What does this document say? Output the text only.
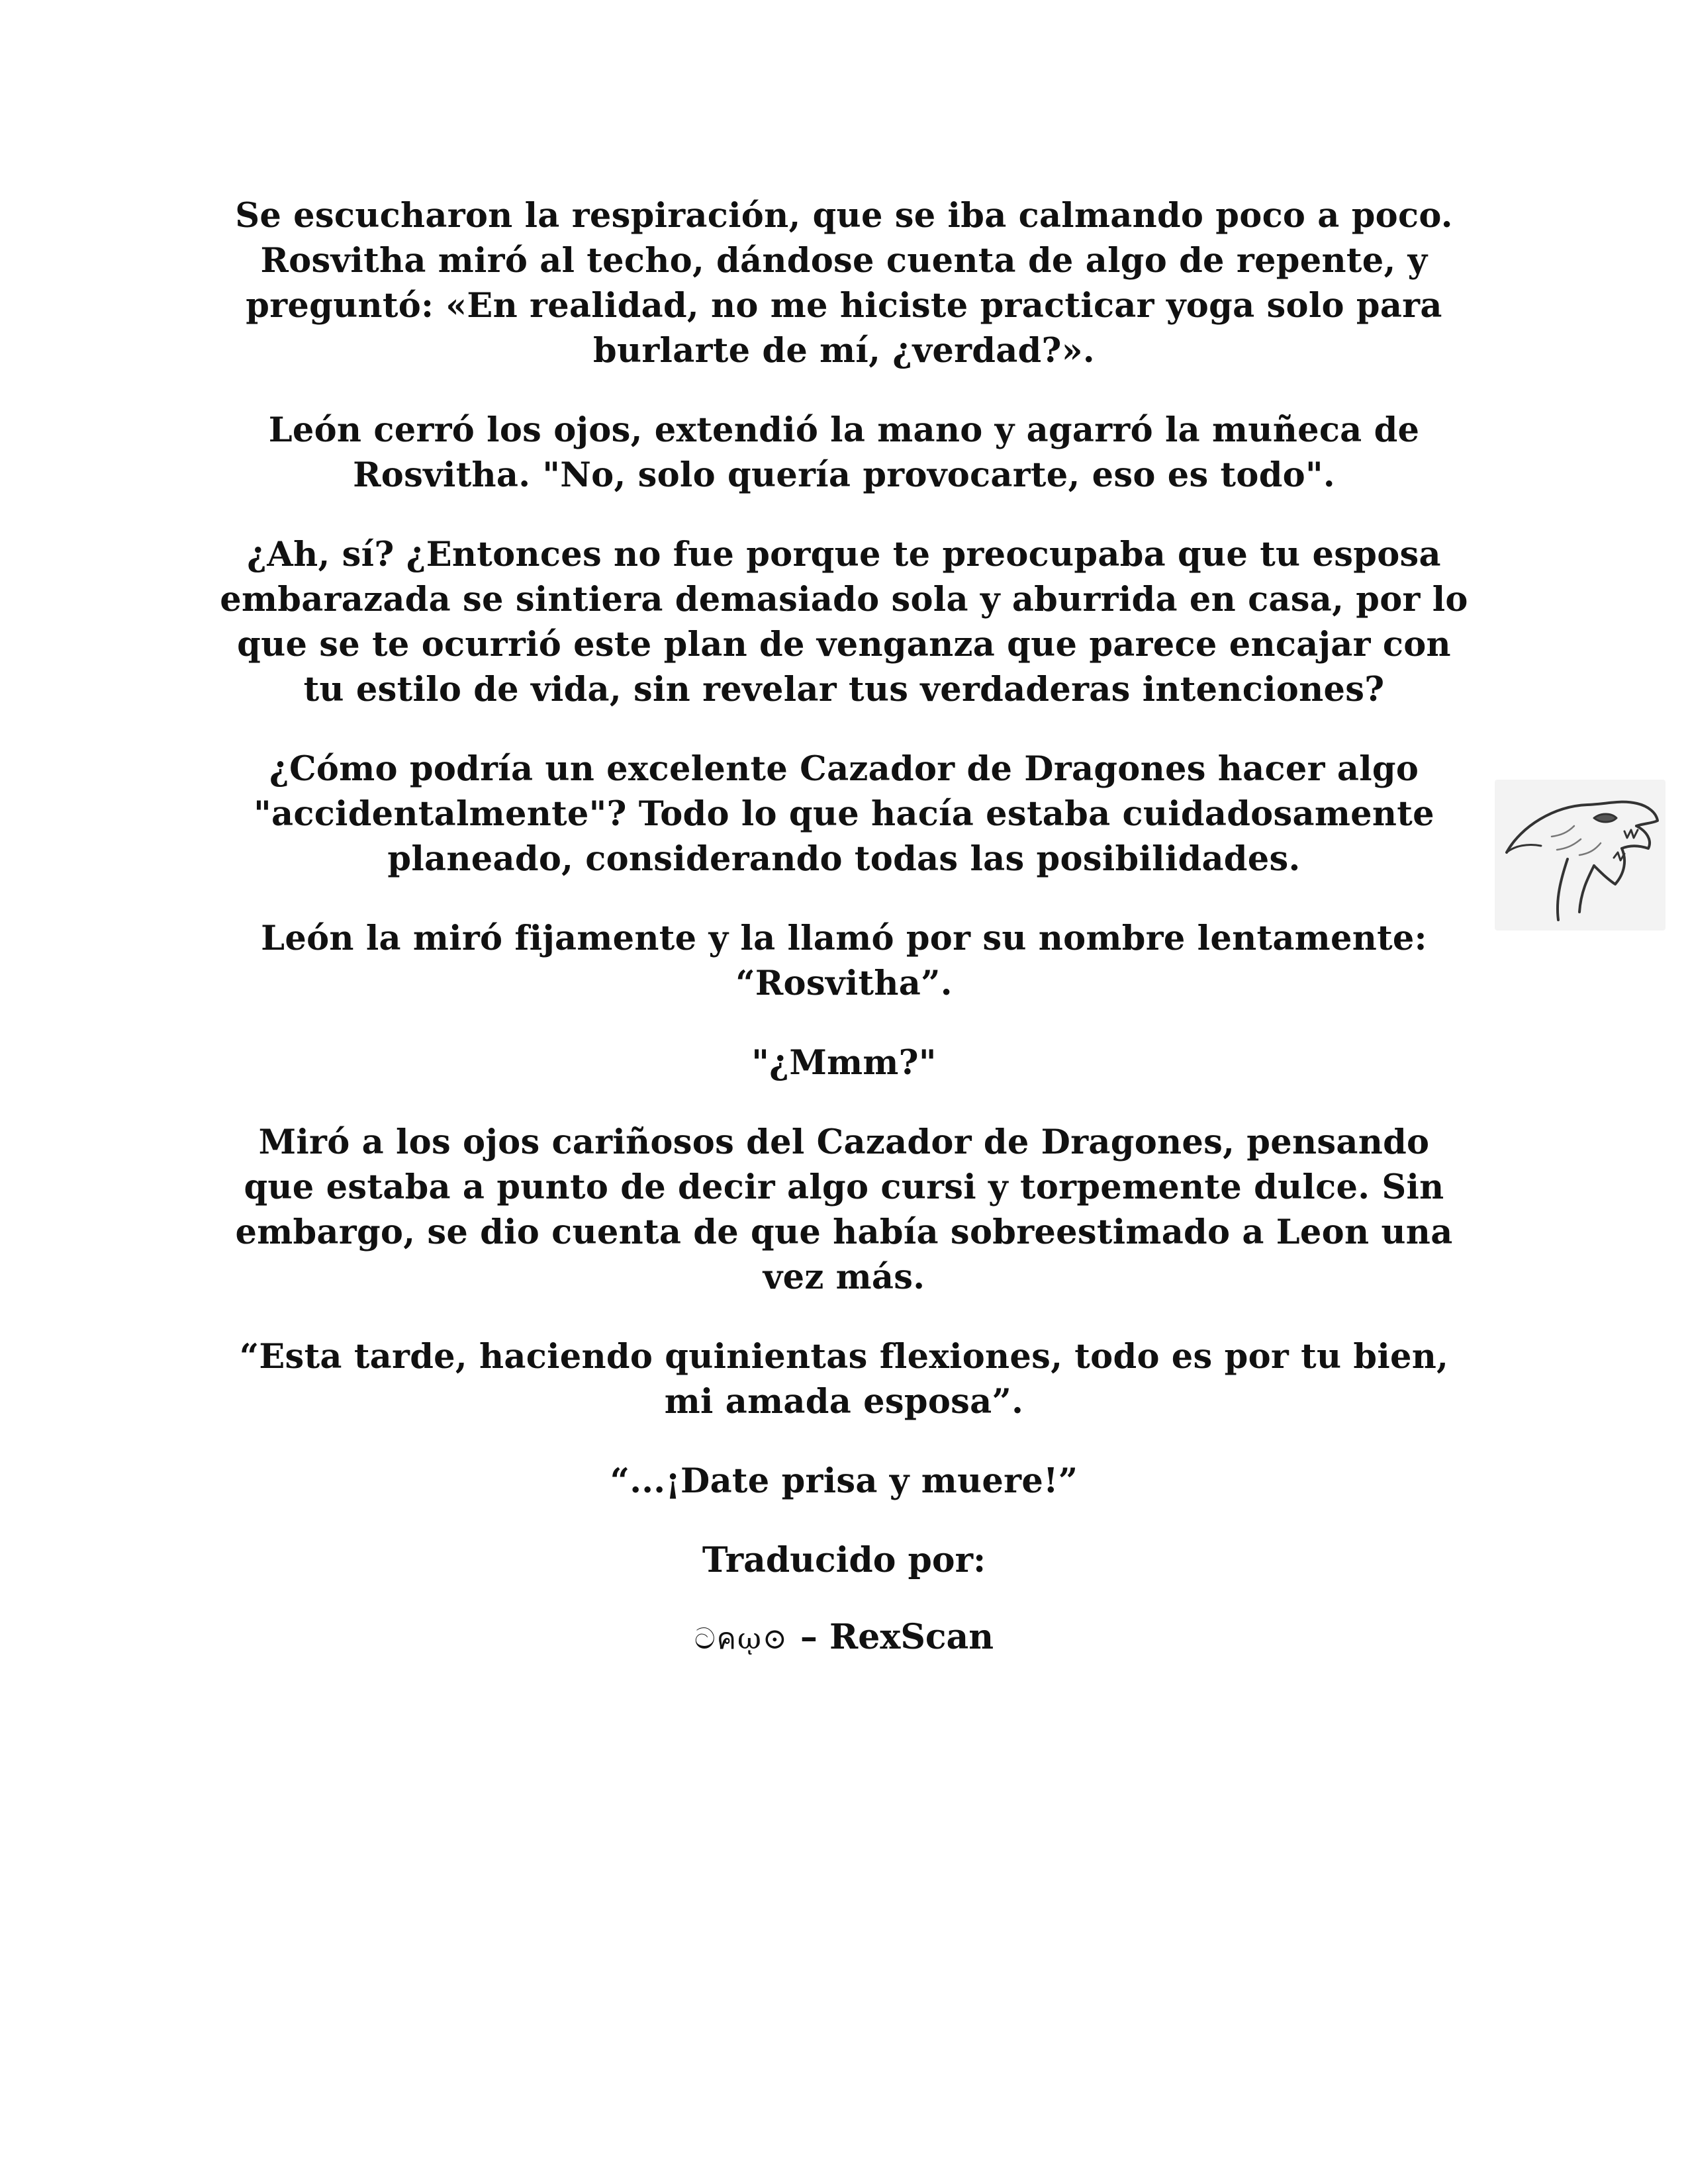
Se escucharon la respiración, que se iba calmando poco a poco. Rosvitha miró al techo, dándose cuenta de algo de repente, y preguntó: «En realidad, no me hiciste practicar yoga solo para burlarte de mí, ¿verdad?».

León cerró los ojos, extendió la mano y agarró la muñeca de Rosvitha. "No, solo quería provocarte, eso es todo".

¿Ah, sí? ¿Entonces no fue porque te preocupaba que tu esposa embarazada se sintiera demasiado sola y aburrida en casa, por lo que se te ocurrió este plan de venganza que parece encajar con tu estilo de vida, sin revelar tus verdaderas intenciones?

¿Cómo podría un excelente Cazador de Dragones hacer algo "accidentalmente"? Todo lo que hacía estaba cuidadosamente planeado, considerando todas las posibilidades.

León la miró fijamente y la llamó por su nombre lentamente: “Rosvitha”.

"¿Mmm?"

Miró a los ojos cariñosos del Cazador de Dragones, pensando que estaba a punto de decir algo cursi y torpemente dulce. Sin embargo, se dio cuenta de que había sobreestimado a Leon una vez más.

“Esta tarde, haciendo quinientas flexiones, todo es por tu bien, mi amada esposa”.

“...¡Date prisa y muere!”

Traducido por:

ටคῳ⊙ – RexScan
